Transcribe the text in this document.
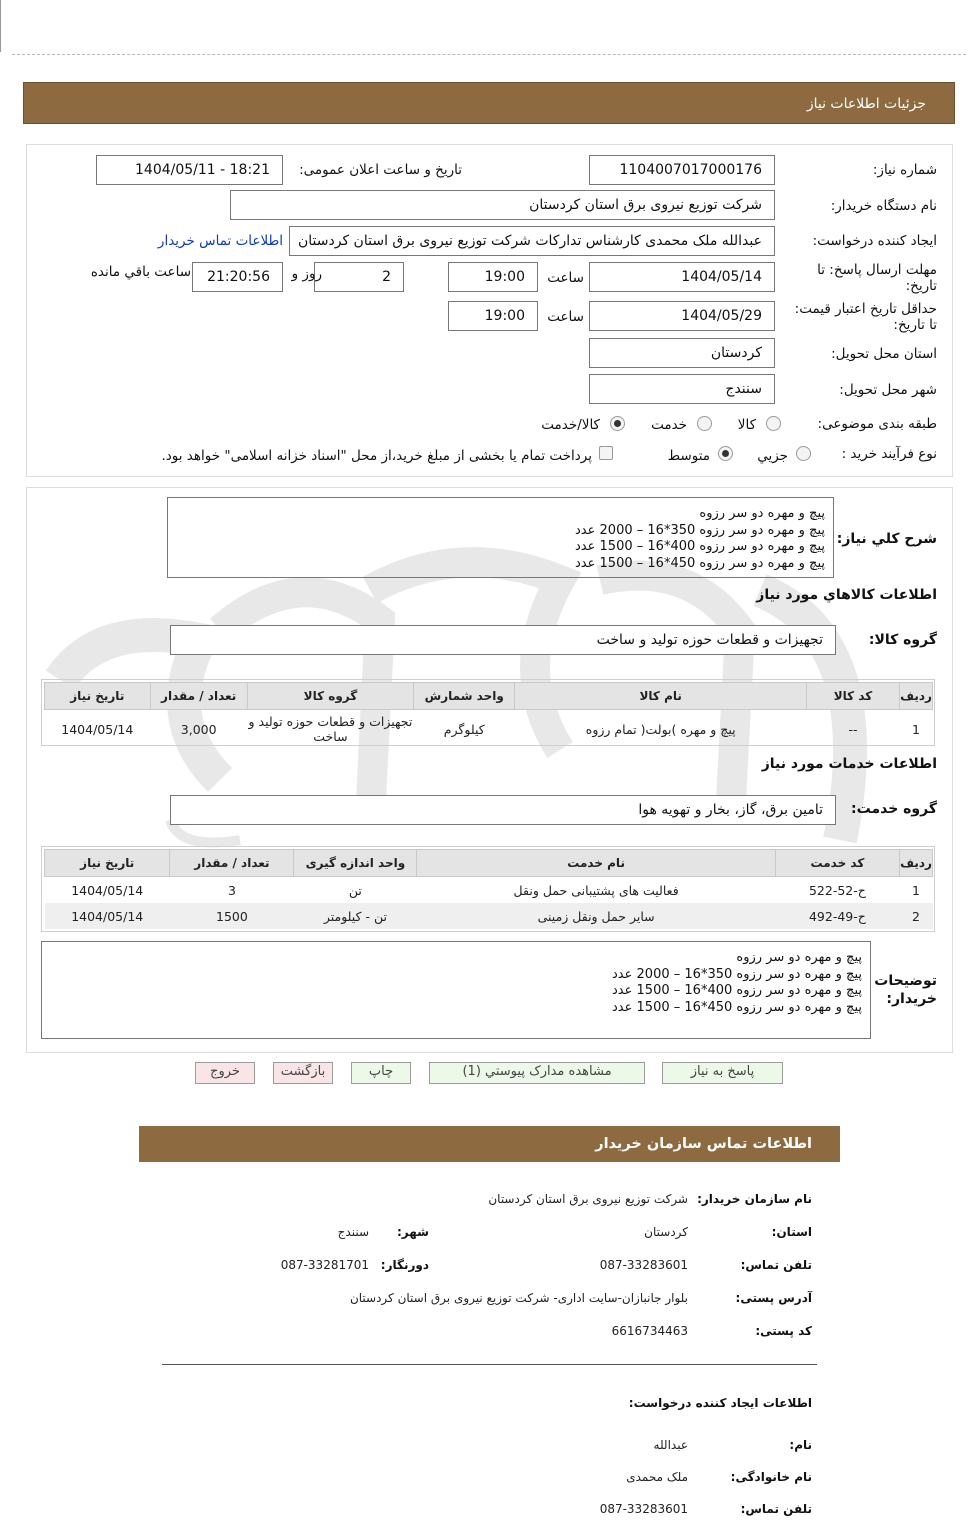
جزئیات اطلاعات نیاز
شماره نیاز:
1104007017000176
تاریخ و ساعت اعلان عمومی:
1404/05/11 - 18:21
نام دستگاه خریدار:
شرکت توزیع نیروی برق استان کردستان
ایجاد کننده درخواست:
عبدالله ملک محمدی کارشناس تدارکات شرکت توزیع نیروی برق استان کردستان
اطلاعات تماس خریدار
مهلت ارسال پاسخ: تا تاریخ:
1404/05/14
ساعت
19:00
2
روز و
21:20:56
ساعت باقي مانده
حداقل تاریخ اعتبار قیمت: تا تاریخ:
1404/05/29
ساعت
19:00
استان محل تحویل:
کردستان
شهر محل تحویل:
سنندج
طبقه بندی موضوعی:
کالا
خدمت
کالا/خدمت
نوع فرآیند خرید :
جزيي
متوسط
پرداخت تمام یا بخشی از مبلغ خرید،از محل "اسناد خزانه اسلامی" خواهد بود.
پیچ و مهره دو سر رزوه
پیچ و مهره دو سر رزوه 350*16 – 2000 عدد
پیچ و مهره دو سر رزوه 400*16 – 1500 عدد
پیچ و مهره دو سر رزوه 450*16 – 1500 عدد
شرح کلي نیاز:
اطلاعات کالاهاي مورد نیاز
گروه کالا:
تجهیزات و قطعات حوزه تولید و ساخت
ردیف	کد کالا	نام کالا	واحد شمارش	گروه کالا	تعداد / مقدار	تاریخ نیاز
1	--	پیچ و مهره )بولت( تمام رزوه	کیلوگرم	تجهیزات و قطعات حوزه تولید و ساخت	3,000	1404/05/14
اطلاعات خدمات مورد نیاز
گروه خدمت:
تامین برق، گاز، بخار و تهویه هوا
ردیف	کد خدمت	نام خدمت	واحد اندازه گیری	تعداد / مقدار	تاریخ نیاز
1	ح-52-522	فعالیت های پشتیبانی حمل ونقل	تن	3	1404/05/14
2	ح-49-492	سایر حمل ونقل زمینی	تن - کیلومتر	1500	1404/05/14
پیچ و مهره دو سر رزوه
پیچ و مهره دو سر رزوه 350*16 – 2000 عدد
پیچ و مهره دو سر رزوه 400*16 – 1500 عدد
پیچ و مهره دو سر رزوه 450*16 – 1500 عدد
توضیحات خریدار:
پاسخ به نیاز
مشاهده مدارک پیوستي (1)
چاپ
بازگشت
خروج
اطلاعات تماس سازمان خریدار
نام سازمان خریدار:
شرکت توزیع نیروی برق استان کردستان
استان:
کردستان
شهر:
سنندج
تلفن تماس:
087-33283601
دورنگار:
087-33281701
آدرس پستی:
بلوار جانبازان-سایت اداری- شرکت توزیع نیروی برق استان کردستان
کد پستی:
6616734463
اطلاعات ایجاد کننده درخواست:
نام:
عبدالله
نام خانوادگی:
ملک محمدی
تلفن تماس:
087-33283601
